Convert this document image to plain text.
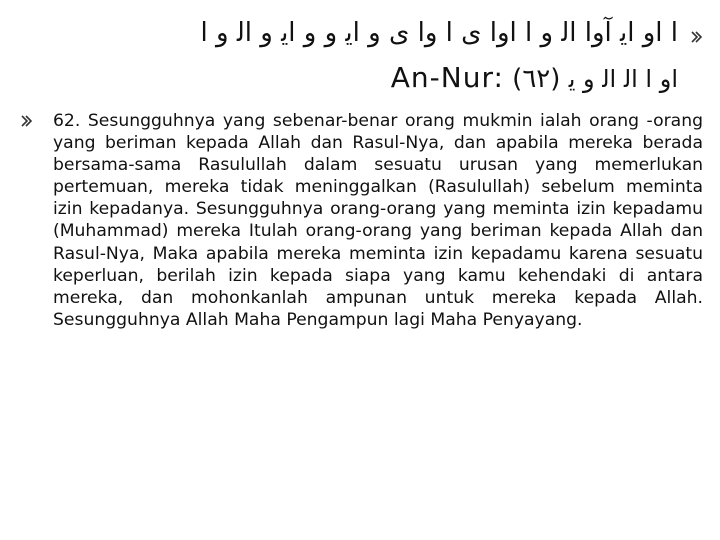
ﺍ ﺍﻭ ﺍﻳ ﺁﻭﺍ ﺍﻟ ﻭ ﺍ ﺍﻭﺍ ﻯ ﺍ ﻭﺍ ﻯ ﻭ ﺍﻳ ﻭ ﻭ ﺍﻳ ﻭ ﺍﻟ ﻭ ﺍ
ﺍﻭ ﺍ ﺍﻟ ﺍﻟ ﻭ ﻳ (٦٢) An-Nur:
62. Sesungguhnya yang sebenar-benar orang mukmin ialah orang -orang yang beriman kepada Allah dan Rasul-Nya, dan apabila mereka berada bersama-sama Rasulullah dalam sesuatu urusan yang memerlukan pertemuan, mereka tidak meninggalkan (Rasulullah) sebelum meminta izin kepadanya. Sesungguhnya orang-orang yang meminta izin kepadamu (Muhammad) mereka Itulah orang-orang yang beriman kepada Allah dan Rasul-Nya, Maka apabila mereka meminta izin kepadamu karena sesuatu keperluan, berilah izin kepada siapa yang kamu kehendaki di antara mereka, dan mohonkanlah ampunan untuk mereka kepada Allah. Sesungguhnya Allah Maha Pengampun lagi Maha Penyayang.
